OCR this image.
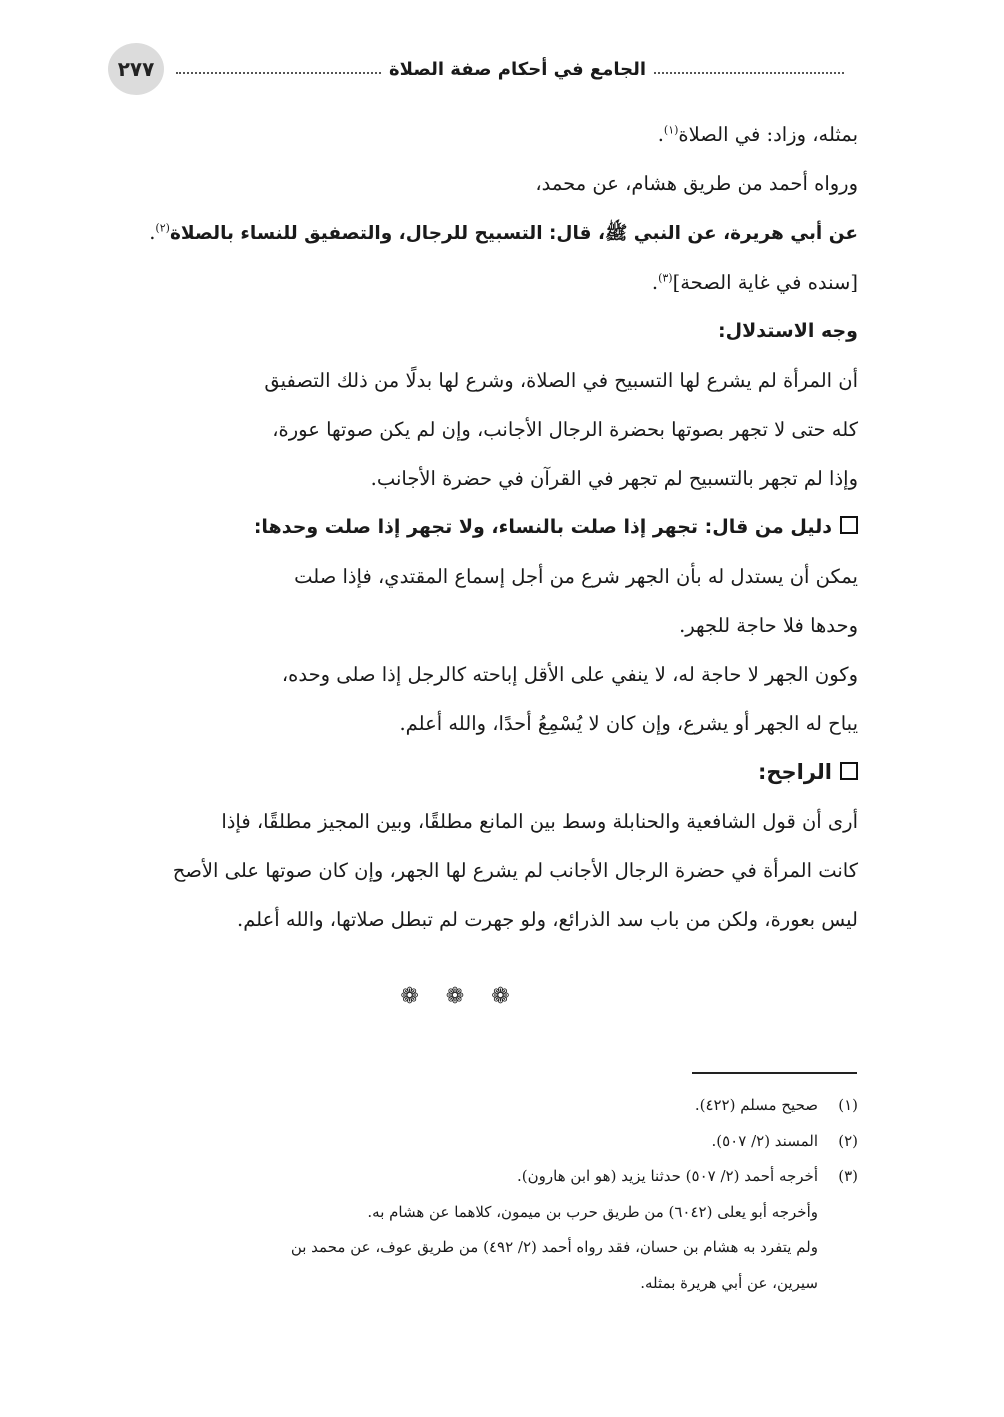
٢٧٧	الجامع في أحكام صفة الصلاة
بمثله، وزاد: في الصلاة$^{(١)}$.
ورواه أحمد من طريق هشام، عن محمد،
عن أبي هريرة، عن النبي ﷺ، قال: التسبيح للرجال، والتصفيق للنساء بالصلاة$^{(٢)}$.
[سنده في غاية الصحة]$^{(٣)}$.
وجه الاستدلال:
أن المرأة لم يشرع لها التسبيح في الصلاة، وشرع لها بدلًا من ذلك التصفيق
كله حتى لا تجهر بصوتها بحضرة الرجال الأجانب، وإن لم يكن صوتها عورة،
وإذا لم تجهر بالتسبيح لم تجهر في القرآن في حضرة الأجانب.
دليل من قال: تجهر إذا صلت بالنساء، ولا تجهر إذا صلت وحدها:
يمكن أن يستدل له بأن الجهر شرع من أجل إسماع المقتدي، فإذا صلت
وحدها فلا حاجة للجهر.
وكون الجهر لا حاجة له، لا ينفي على الأقل إباحته كالرجل إذا صلى وحده،
يباح له الجهر أو يشرع، وإن كان لا يُسْمِعُ أحدًا، والله أعلم.
الراجح:
أرى أن قول الشافعية والحنابلة وسط بين المانع مطلقًا، وبين المجيز مطلقًا، فإذا
كانت المرأة في حضرة الرجال الأجانب لم يشرع لها الجهر، وإن كان صوتها على الأصح
ليس بعورة، ولكن من باب سد الذرائع، ولو جهرت لم تبطل صلاتها، والله أعلم.
❁ ❁ ❁
(١)
صحيح مسلم (٤٢٢).
(٢)
المسند (٢/ ٥٠٧).
(٣)
أخرجه أحمد (٢/ ٥٠٧) حدثنا يزيد (هو ابن هارون).
وأخرجه أبو يعلى (٦٠٤٢) من طريق حرب بن ميمون، كلاهما عن هشام به.
ولم يتفرد به هشام بن حسان، فقد رواه أحمد (٢/ ٤٩٢) من طريق عوف، عن محمد بن
سيرين، عن أبي هريرة بمثله.
